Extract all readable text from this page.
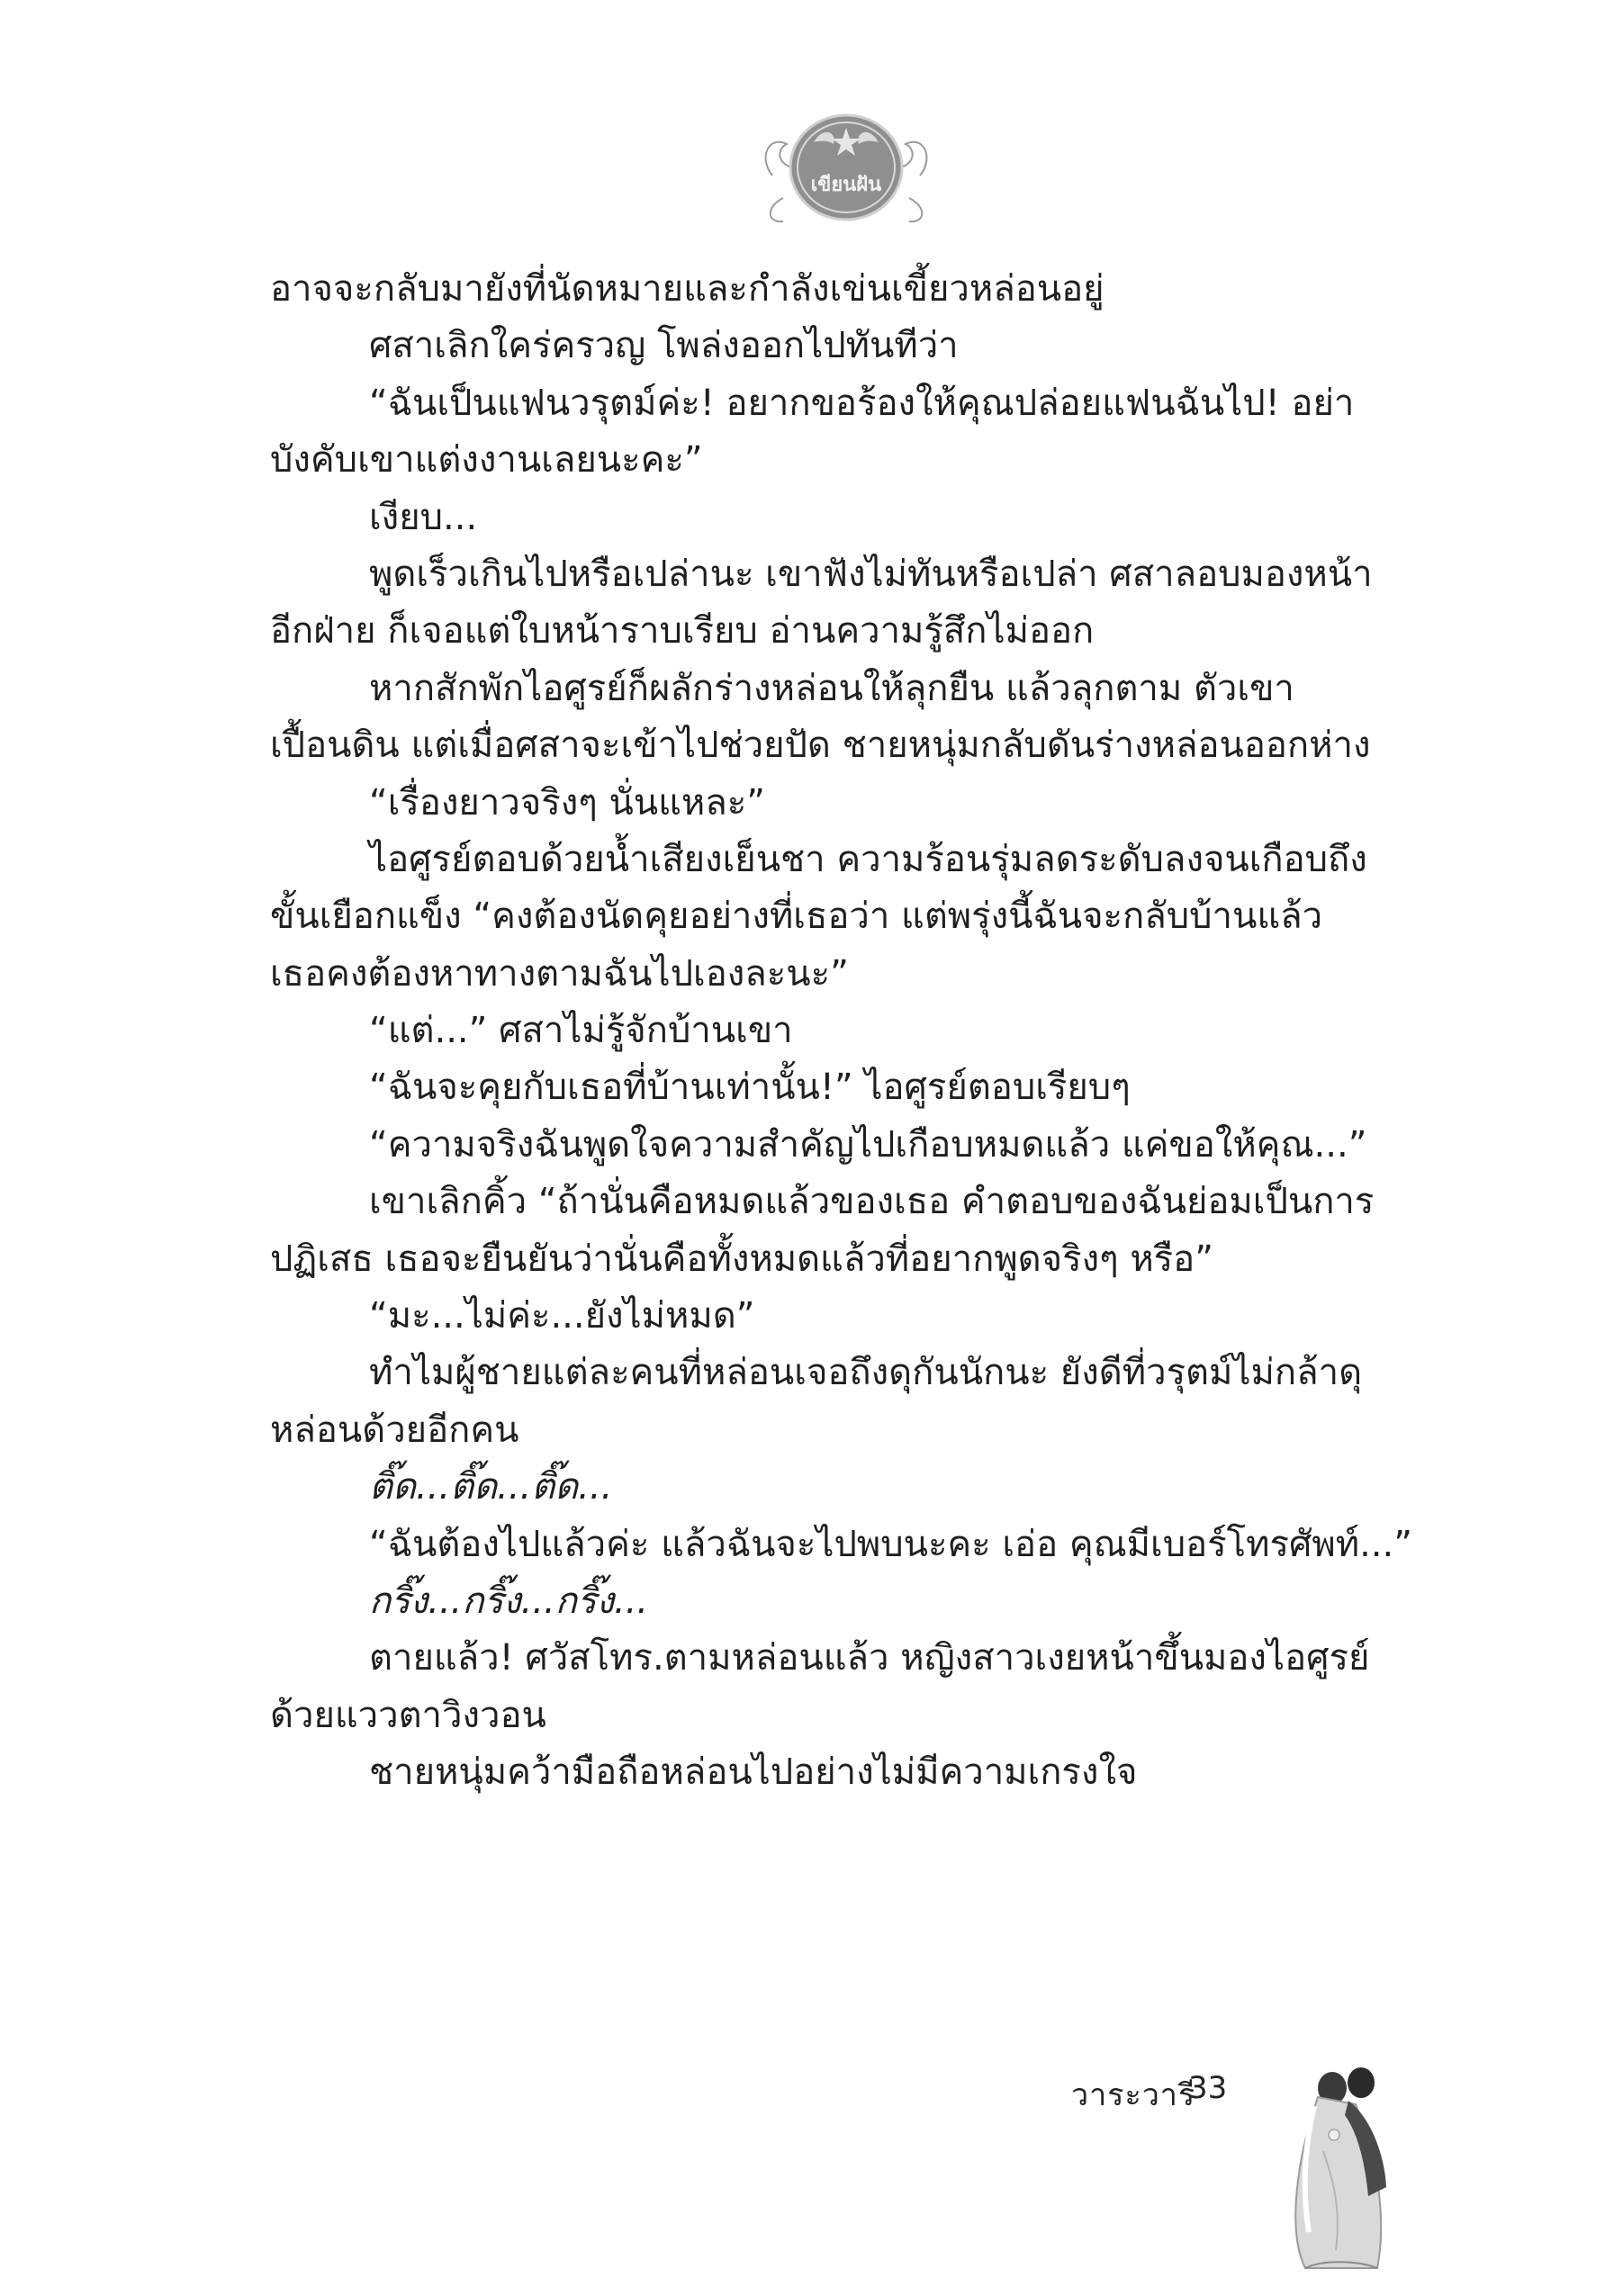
เขียนฝัน
อาจจะกลับมายังที่นัดหมายและกำลังเข่นเขี้ยวหล่อนอยู่
ศสาเลิกใคร่ครวญ โพล่งออกไปทันทีว่า
“ฉันเป็นแฟนวรุตม์ค่ะ! อยากขอร้องให้คุณปล่อยแฟนฉันไป! อย่า
บังคับเขาแต่งงานเลยนะคะ”
เงียบ...
พูดเร็วเกินไปหรือเปล่านะ เขาฟังไม่ทันหรือเปล่า ศสาลอบมองหน้า
อีกฝ่าย ก็เจอแต่ใบหน้าราบเรียบ อ่านความรู้สึกไม่ออก
หากสักพักไอศูรย์ก็ผลักร่างหล่อนให้ลุกยืน แล้วลุกตาม ตัวเขา
เปื้อนดิน แต่เมื่อศสาจะเข้าไปช่วยปัด ชายหนุ่มกลับดันร่างหล่อนออกห่าง
“เรื่องยาวจริงๆ นั่นแหละ”
ไอศูรย์ตอบด้วยน้ำเสียงเย็นชา ความร้อนรุ่มลดระดับลงจนเกือบถึง
ขั้นเยือกแข็ง “คงต้องนัดคุยอย่างที่เธอว่า แต่พรุ่งนี้ฉันจะกลับบ้านแล้ว
เธอคงต้องหาทางตามฉันไปเองละนะ”
“แต่...” ศสาไม่รู้จักบ้านเขา
“ฉันจะคุยกับเธอที่บ้านเท่านั้น!” ไอศูรย์ตอบเรียบๆ
“ความจริงฉันพูดใจความสำคัญไปเกือบหมดแล้ว แค่ขอให้คุณ...”
เขาเลิกคิ้ว “ถ้านั่นคือหมดแล้วของเธอ คำตอบของฉันย่อมเป็นการ
ปฏิเสธ เธอจะยืนยันว่านั่นคือทั้งหมดแล้วที่อยากพูดจริงๆ หรือ”
“มะ...ไม่ค่ะ...ยังไม่หมด”
ทำไมผู้ชายแต่ละคนที่หล่อนเจอถึงดุกันนักนะ ยังดีที่วรุตม์ไม่กล้าดุ
หล่อนด้วยอีกคน
ติ๊ด...ติ๊ด...ติ๊ด...
“ฉันต้องไปแล้วค่ะ แล้วฉันจะไปพบนะคะ เอ่อ คุณมีเบอร์โทรศัพท์...”
กริ๊ง...กริ๊ง...กริ๊ง...
ตายแล้ว! ศวัสโทร.ตามหล่อนแล้ว หญิงสาวเงยหน้าขึ้นมองไอศูรย์
ด้วยแววตาวิงวอน
ชายหนุ่มคว้ามือถือหล่อนไปอย่างไม่มีความเกรงใจ
วาระวารี
33
